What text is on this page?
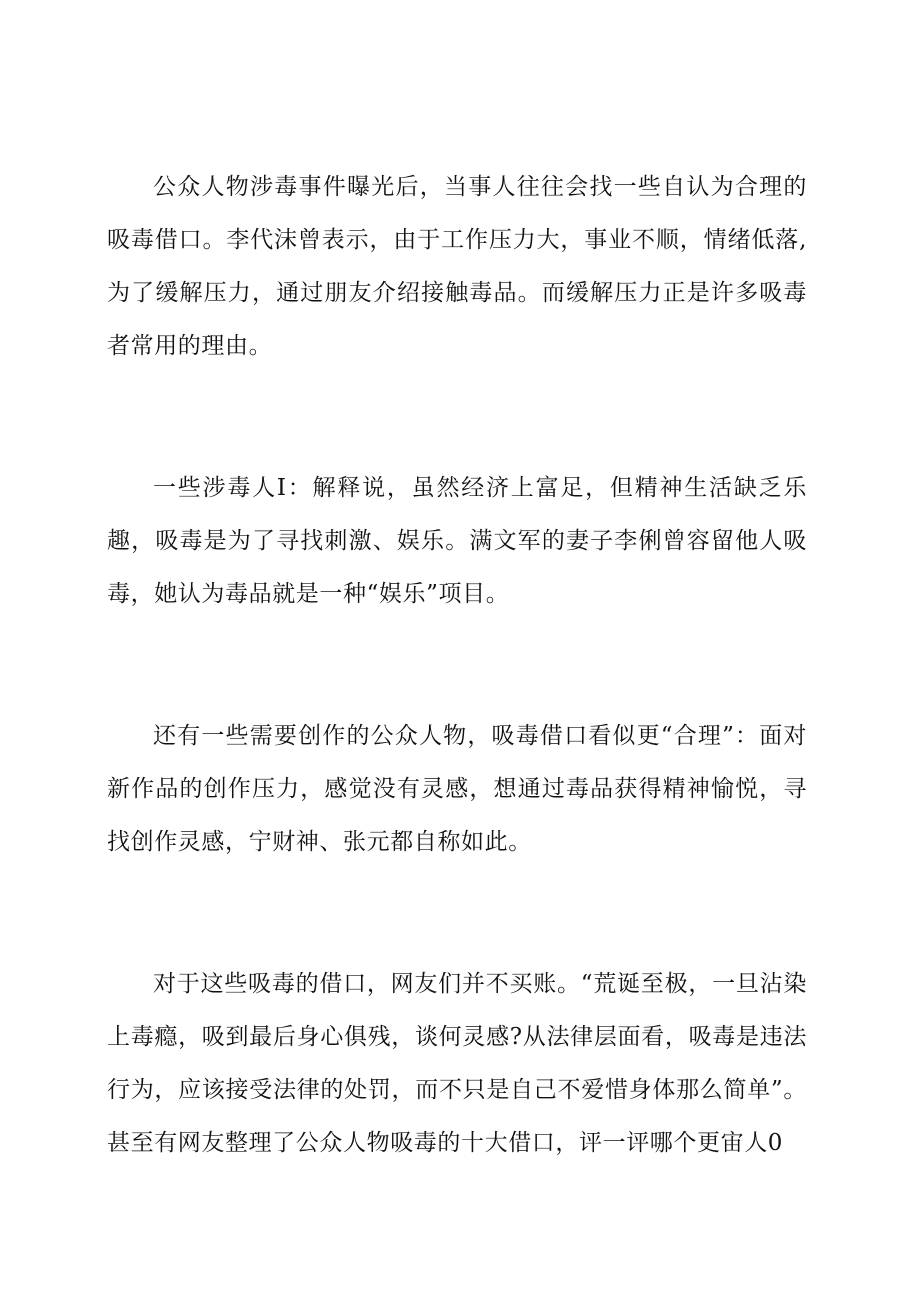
公众人物涉毒事件曝光后，当事人往往会找一些自认为合理的吸毒借口。李代沫曾表示，由于工作压力大，事业不顺，情绪低落,为了缓解压力，通过朋友介绍接触毒品。而缓解压力正是许多吸毒者常用的理由。

一些涉毒人I：解释说，虽然经济上富足，但精神生活缺乏乐趣，吸毒是为了寻找刺激、娱乐。满文军的妻子李俐曾容留他人吸毒，她认为毒品就是一种“娱乐”项目。

还有一些需要创作的公众人物，吸毒借口看似更“合理”：面对新作品的创作压力，感觉没有灵感，想通过毒品获得精神愉悦，寻找创作灵感，宁财神、张元都自称如此。

对于这些吸毒的借口，网友们并不买账。“荒诞至极，一旦沾染上毒瘾，吸到最后身心俱残，谈何灵感?从法律层面看，吸毒是违法行为，应该接受法律的处罚，而不只是自己不爱惜身体那么简单”。甚至有网友整理了公众人物吸毒的十大借口，评一评哪个更宙人0
